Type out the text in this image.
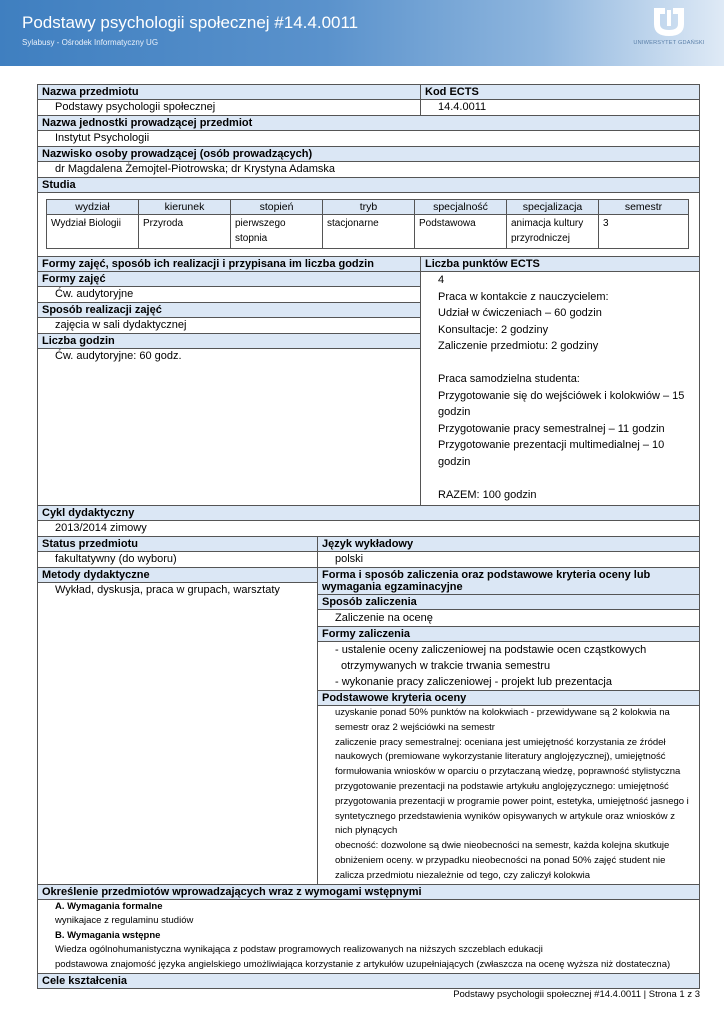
Podstawy psychologii społecznej #14.4.0011
Sylabusy - Ośrodek Informatyczny UG	UNIWERSYTET GDAŃSKI
Nazwa przedmiotu
Podstawy psychologii społecznej
Kod ECTS
14.4.0011
Nazwa jednostki prowadzącej przedmiot
Instytut Psychologii
Nazwisko osoby prowadzącej (osób prowadzących)
dr Magdalena Żemojtel-Piotrowska; dr Krystyna Adamska
Studia
wydział	kierunek	stopień	tryb	specjalność	specjalizacja	semestr
Wydział Biologii	Przyroda	pierwszego stopnia	stacjonarne	Podstawowa	animacja kultury przyrodniczej	3
Formy zajęć, sposób ich realizacji i przypisana im liczba godzin
Formy zajęć
Ćw. audytoryjne
Sposób realizacji zajęć
zajęcia w sali dydaktycznej
Liczba godzin
Ćw. audytoryjne: 60 godz.
Liczba punktów ECTS
4
Praca w kontakcie z nauczycielem:
Udział w ćwiczeniach – 60 godzin
Konsultacje: 2 godziny
Zaliczenie przedmiotu: 2 godziny
Praca samodzielna studenta:
Przygotowanie się do wejściówek i kolokwiów – 15
godzin
Przygotowanie pracy semestralnej – 11 godzin
Przygotowanie prezentacji multimedialnej – 10
godzin
RAZEM: 100 godzin
Cykl dydaktyczny
2013/2014 zimowy
Status przedmiotu
fakultatywny (do wyboru)
Język wykładowy
polski
Metody dydaktyczne
Wykład, dyskusja, praca w grupach, warsztaty
Forma i sposób zaliczenia oraz podstawowe kryteria oceny lub wymagania egzaminacyjne
Sposób zaliczenia
Zaliczenie na ocenę
Formy zaliczenia
- ustalenie oceny zaliczeniowej na podstawie ocen cząstkowych
otrzymywanych w trakcie trwania semestru
- wykonanie pracy zaliczeniowej - projekt lub prezentacja
Podstawowe kryteria oceny
uzyskanie ponad 50% punktów na kolokwiach - przewidywane są 2 kolokwia na
semestr oraz 2 wejściówki na semestr
zaliczenie pracy semestralnej: oceniana jest umiejętność korzystania ze źródeł
naukowych (premiowane wykorzystanie literatury anglojęzycznej), umiejętność
formułowania wniosków w oparciu o przytaczaną wiedzę, poprawność stylistyczna
przygotowanie prezentacji na podstawie artykułu anglojęzycznego: umiejętność
przygotowania prezentacji w programie power point, estetyka, umiejętność jasnego i
syntetycznego przedstawienia wyników opisywanych w artykule oraz wniosków z
nich płynących
obecność: dozwolone są dwie nieobecności na semestr, każda kolejna skutkuje
obniżeniem oceny. w przypadku nieobecności na ponad 50% zajęć student nie
zalicza przedmiotu niezależnie od tego, czy zaliczył kolokwia
Określenie przedmiotów wprowadzających wraz z wymogami wstępnymi
A. Wymagania formalne
wynikajace z regulaminu studiów
B. Wymagania wstępne
Wiedza ogólnohumanistyczna wynikająca z podstaw programowych realizowanych na niższych szczeblach edukacji
podstawowa znajomość języka angielskiego umożliwiająca korzystanie z artykułów uzupełniających (zwłaszcza na ocenę wyższa niż dostateczna)
Cele kształcenia
Podstawy psychologii społecznej #14.4.0011 | Strona 1 z 3
